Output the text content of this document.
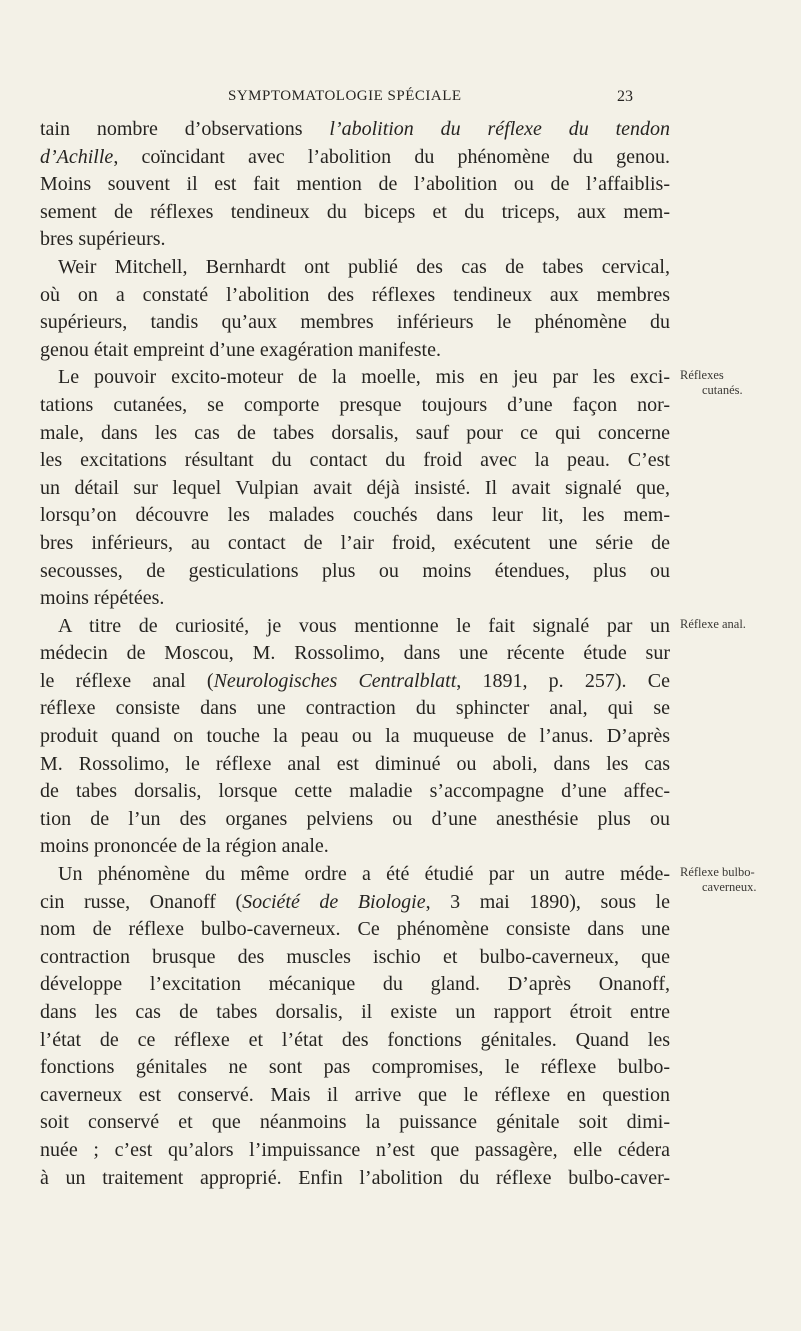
SYMPTOMATOLOGIE SPÉCIALE	23
tain nombre d’observations l’abolition du réflexe du tendon
d’Achille, coïncidant avec l’abolition du phénomène du genou.
Moins souvent il est fait mention de l’abolition ou de l’affaiblis-
sement de réflexes tendineux du biceps et du triceps, aux mem-
bres supérieurs.
Weir Mitchell, Bernhardt ont publié des cas de tabes cervical,
où on a constaté l’abolition des réflexes tendineux aux membres
supérieurs, tandis qu’aux membres inférieurs le phénomène du
genou était empreint d’une exagération manifeste.
Le pouvoir excito-moteur de la moelle, mis en jeu par les exci-
tations cutanées, se comporte presque toujours d’une façon nor-
male, dans les cas de tabes dorsalis, sauf pour ce qui concerne
les excitations résultant du contact du froid avec la peau. C’est
un détail sur lequel Vulpian avait déjà insisté. Il avait signalé que,
lorsqu’on découvre les malades couchés dans leur lit, les mem-
bres inférieurs, au contact de l’air froid, exécutent une série de
secousses, de gesticulations plus ou moins étendues, plus ou
moins répétées.
A titre de curiosité, je vous mentionne le fait signalé par un
médecin de Moscou, M. Rossolimo, dans une récente étude sur
le réflexe anal (Neurologisches Centralblatt, 1891, p. 257). Ce
réflexe consiste dans une contraction du sphincter anal, qui se
produit quand on touche la peau ou la muqueuse de l’anus. D’après
M. Rossolimo, le réflexe anal est diminué ou aboli, dans les cas
de tabes dorsalis, lorsque cette maladie s’accompagne d’une affec-
tion de l’un des organes pelviens ou d’une anesthésie plus ou
moins prononcée de la région anale.
Un phénomène du même ordre a été étudié par un autre méde-
cin russe, Onanoff (Société de Biologie, 3 mai 1890), sous le
nom de réflexe bulbo-caverneux. Ce phénomène consiste dans une
contraction brusque des muscles ischio et bulbo-caverneux, que
développe l’excitation mécanique du gland. D’après Onanoff,
dans les cas de tabes dorsalis, il existe un rapport étroit entre
l’état de ce réflexe et l’état des fonctions génitales. Quand les
fonctions génitales ne sont pas compromises, le réflexe bulbo-
caverneux est conservé. Mais il arrive que le réflexe en question
soit conservé et que néanmoins la puissance génitale soit dimi-
nuée ; c’est qu’alors l’impuissance n’est que passagère, elle cédera
à un traitement approprié. Enfin l’abolition du réflexe bulbo-caver-
Réflexes
cutanés.
Réflexe anal.
Réflexe bulbo-
caverneux.
